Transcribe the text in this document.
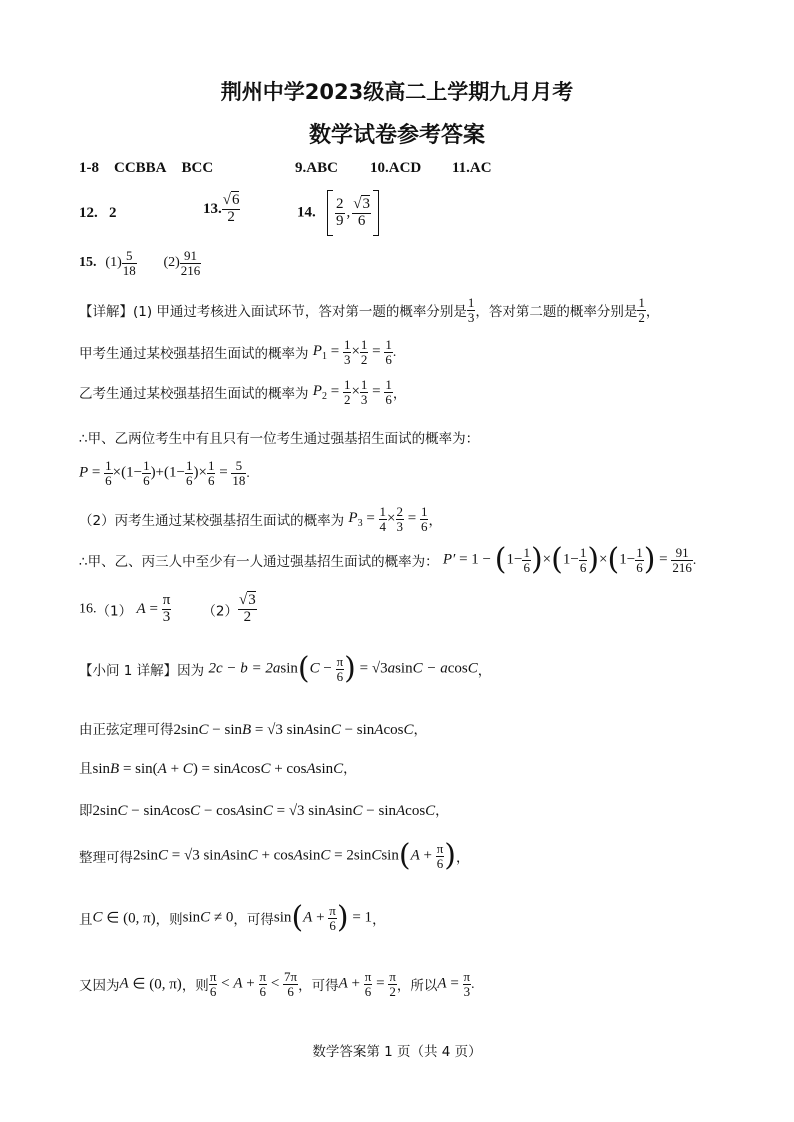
荆州中学2023级高二上学期九月月考
数学试卷参考答案
1-8 CCBBA BCC	9.ABC 10.ACD 11.AC
12. 2	13. $\frac{√6}{2}$	14. $\frac{2}{9}$ , $\frac{√3}{6}$
15. $(1) \frac{5}{18} (2) \frac{91}{216}$
【详解】(1) 甲通过考核进入面试环节，答对第一题的概率分别是 $\frac{1}{3}$ ，答对第二题的概率分别是 $\frac{1}{2}$ ，
甲考生通过某校强基招生面试的概率为 $P_1 = \frac{1}{3} \times \frac{1}{2} = \frac{1}{6}$ .
乙考生通过某校强基招生面试的概率为 $P_2 = \frac{1}{2} \times \frac{1}{3} = \frac{1}{6}$ ，
∴甲、乙两位考生中有且只有一位考生通过强基招生面试的概率为：
$P = \frac{1}{6} \times(1- \frac{1}{6} )+(1- \frac{1}{6}$ )× $\frac{1}{6} = \frac{5}{18}$ .
（2）丙考生通过某校强基招生面试的概率为 $P_3 = \frac{1}{4} \times \frac{2}{3} = \frac{1}{6}$ ，
∴甲、乙、丙三人中至少有一人通过强基招生面试的概率为： $P' = 1 - (1- \frac{1}{6} )\times(1- \frac{1}{6} )\times(1- \frac{1}{6}$ ) = $\frac{91}{216}$ .
16.（1） $A = \frac{\pi}{3} (2) \frac{√3}{2}$
【小问 1 详解】因为 $2c - b = 2asin(C - \frac{\pi}{6}$ ) = √3asinC − acosC，
由正弦定理可得2sinC − sinB = √3 sinAsinC − sinAcosC，
且sinB = sin(A + C) = sinAcosC + cosAsinC，
即2sinC − sinAcosC − cosAsinC = √3 sinAsinC − sinAcosC，
整理可得2sinC = √3 sinAsinC + cosAsinC = 2sinCsin(A + $\frac{\pi}{6}$ )，
且C ∈ (0, π)，则sinC ≠ 0，可得$\sin(A + \frac{\pi}{6}$ ) = 1，
又因为A ∈ (0, π)，则 $\frac{\pi}{6} < A + \frac{\pi}{6} < \frac{7\pi}{6}$ ，可得$A + \frac{\pi}{6} = \frac{\pi}{2}$ ，所以$A = \frac{\pi}{3}$ .
数学答案第 1 页（共 4 页）
